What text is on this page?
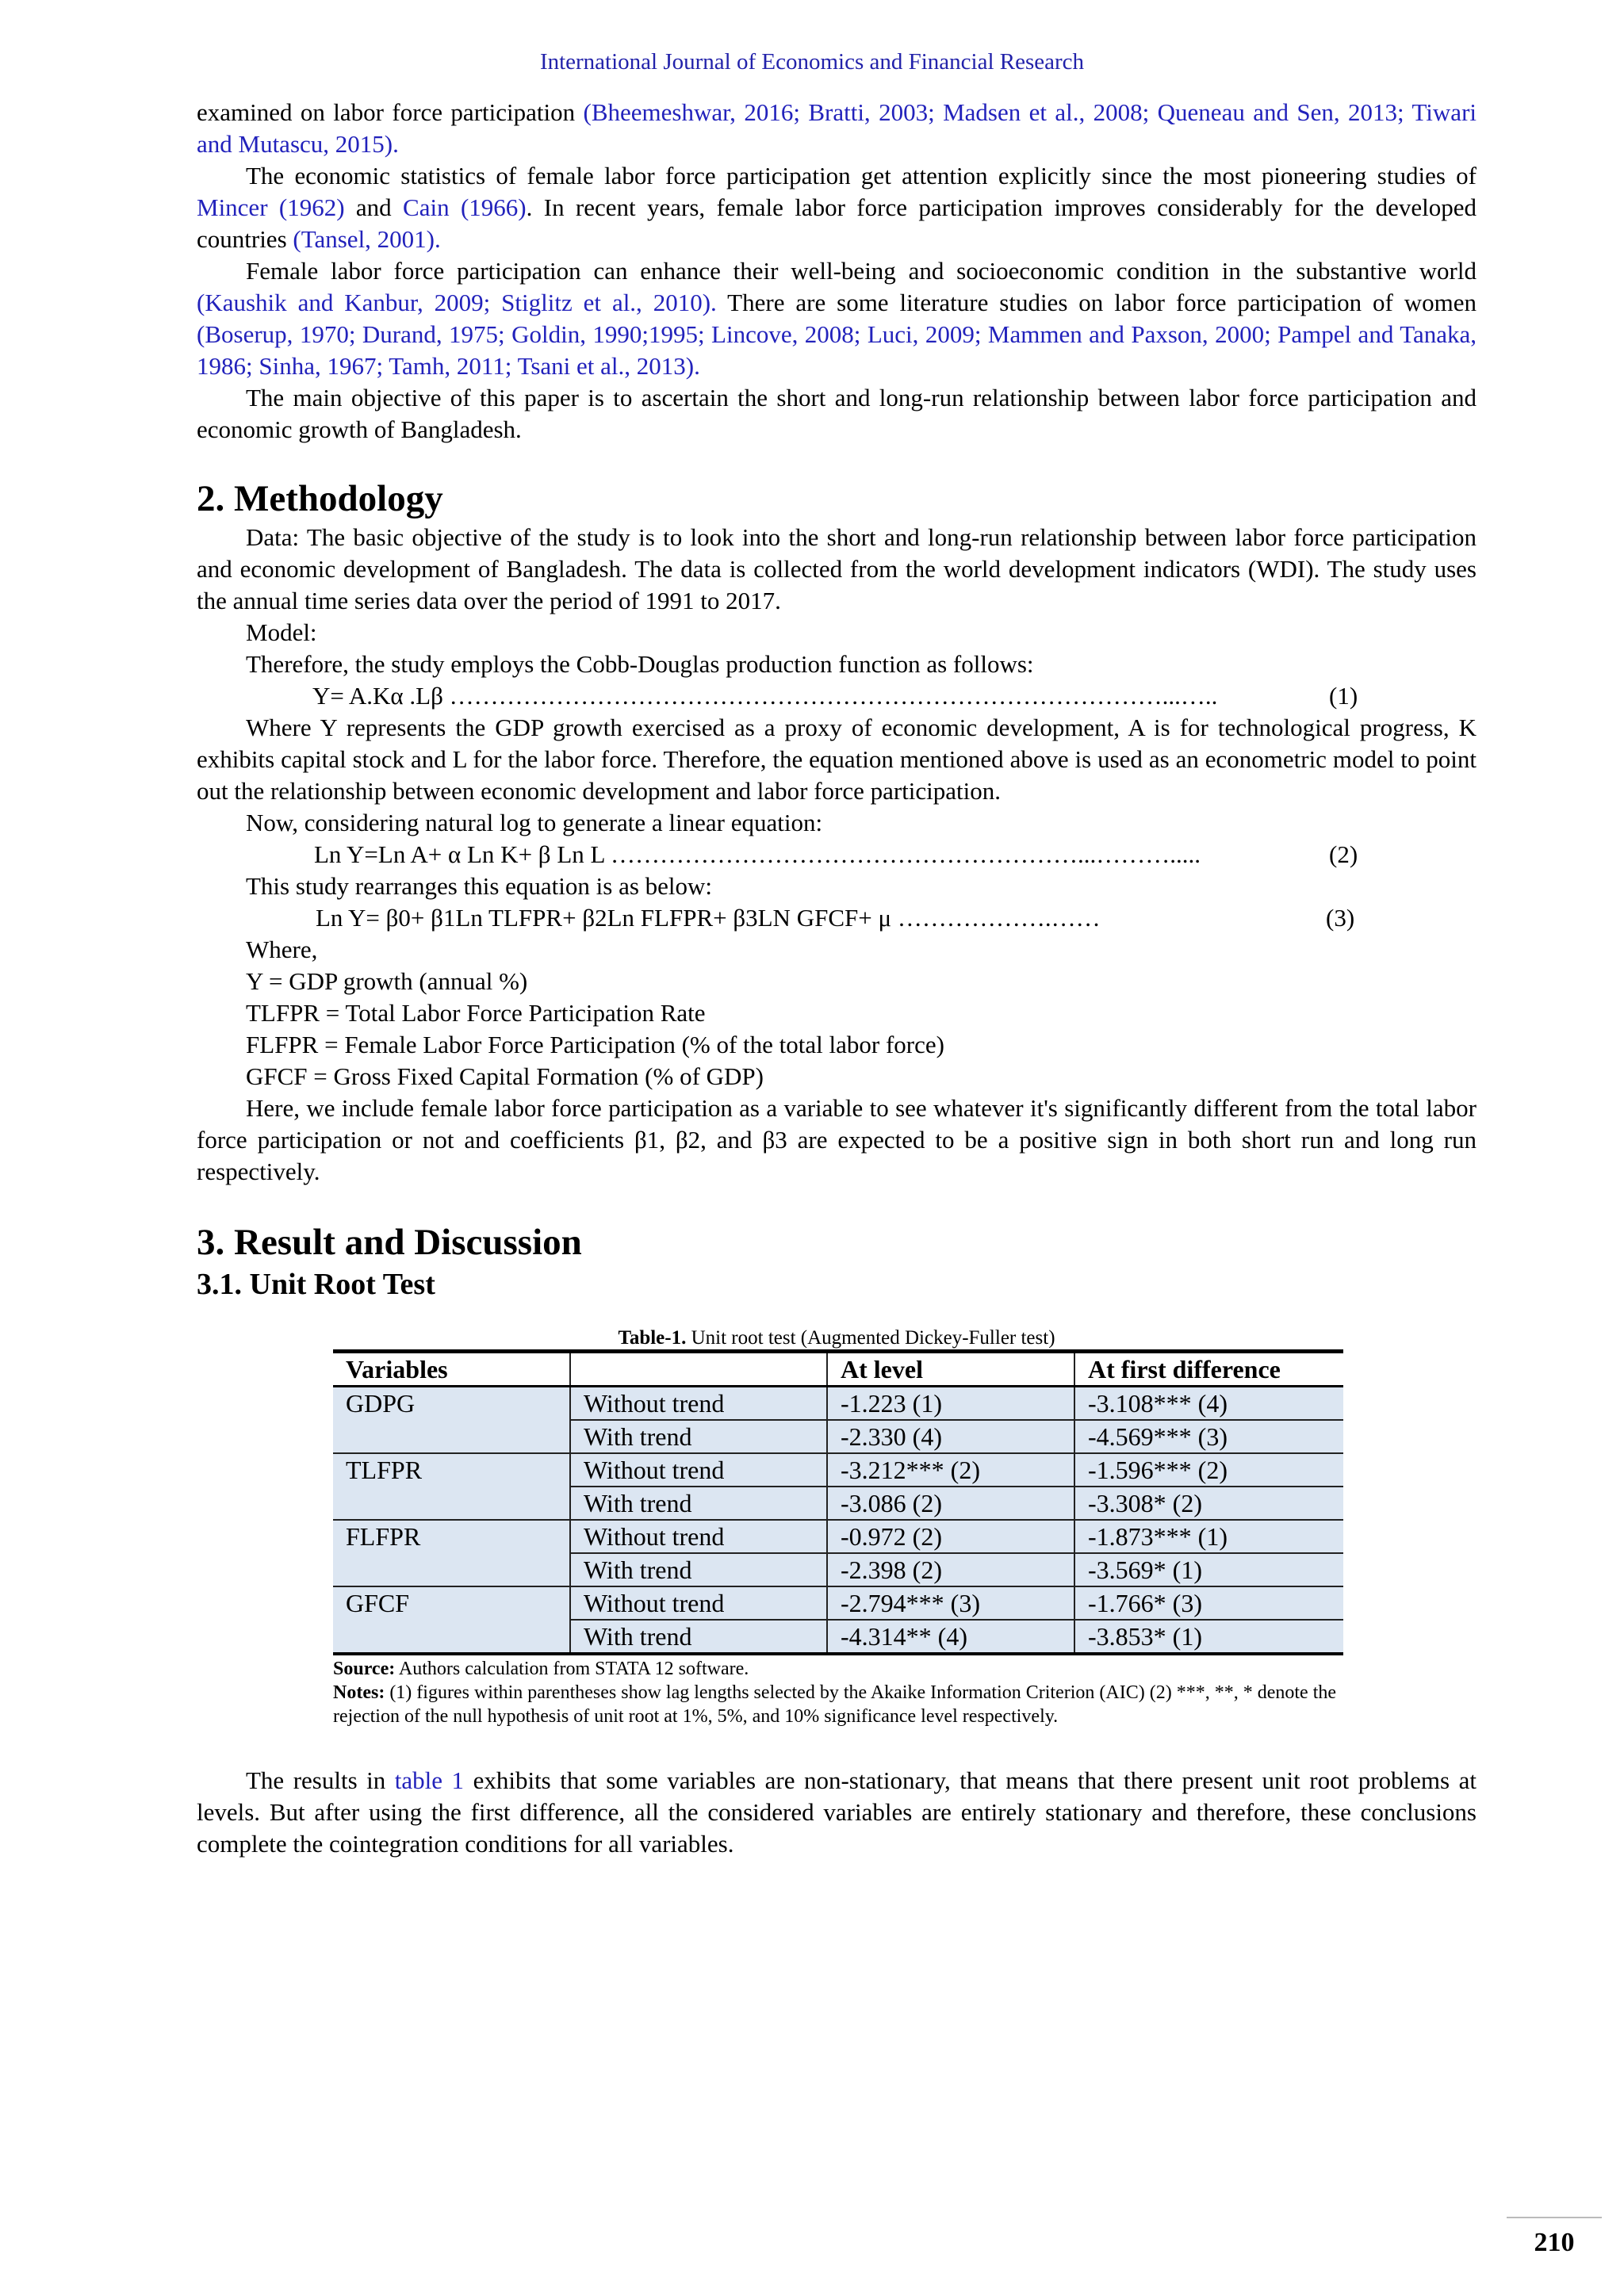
International Journal of Economics and Financial Research

examined on labor force participation (Bheemeshwar, 2016; Bratti, 2003; Madsen et al., 2008; Queneau and Sen, 2013; Tiwari and Mutascu, 2015).

The economic statistics of female labor force participation get attention explicitly since the most pioneering studies of Mincer (1962) and Cain (1966). In recent years, female labor force participation improves considerably for the developed countries (Tansel, 2001).

Female labor force participation can enhance their well-being and socioeconomic condition in the substantive world (Kaushik and Kanbur, 2009; Stiglitz et al., 2010). There are some literature studies on labor force participation of women (Boserup, 1970; Durand, 1975; Goldin, 1990;1995; Lincove, 2008; Luci, 2009; Mammen and Paxson, 2000; Pampel and Tanaka, 1986; Sinha, 1967; Tamh, 2011; Tsani et al., 2013).

The main objective of this paper is to ascertain the short and long-run relationship between labor force participation and economic growth of Bangladesh.

2. Methodology

Data: The basic objective of the study is to look into the short and long-run relationship between labor force participation and economic development of Bangladesh. The data is collected from the world development indicators (WDI). The study uses the annual time series data over the period of 1991 to 2017.

Model:
Therefore, the study employs the Cobb-Douglas production function as follows:
Y= A.Kα .Lβ ……………………………………………………………………………...…..	(1)

Where Y represents the GDP growth exercised as a proxy of economic development, A is for technological progress, K exhibits capital stock and L for the labor force. Therefore, the equation mentioned above is used as an econometric model to point out the relationship between economic development and labor force participation.

Now, considering natural log to generate a linear equation:
Ln Y=Ln A+ α Ln K+ β Ln L …………………………………………………...……….....	(2)
This study rearranges this equation is as below:
Ln Y= β0+ β1Ln TLFPR+ β2Ln FLFPR+ β3LN GFCF+ μ ……………….……	(3)
Where,
Y = GDP growth (annual %)
TLFPR = Total Labor Force Participation Rate
FLFPR = Female Labor Force Participation (% of the total labor force)
GFCF = Gross Fixed Capital Formation (% of GDP)

Here, we include female labor force participation as a variable to see whatever it's significantly different from the total labor force participation or not and coefficients β1, β2, and β3 are expected to be a positive sign in both short run and long run respectively.

3. Result and Discussion
3.1. Unit Root Test
Table-1. Unit root test (Augmented Dickey-Fuller test)
Variables		At level	At first difference
GDPG	Without trend	-1.223 (1)	-3.108*** (4)
	With trend	-2.330 (4)	-4.569*** (3)
TLFPR	Without trend	-3.212*** (2)	-1.596*** (2)
	With trend	-3.086 (2)	-3.308* (2)
FLFPR	Without trend	-0.972 (2)	-1.873*** (1)
	With trend	-2.398 (2)	-3.569* (1)
GFCF	Without trend	-2.794*** (3)	-1.766* (3)
	With trend	-4.314** (4)	-3.853* (1)
Source: Authors calculation from STATA 12 software.
Notes: (1) figures within parentheses show lag lengths selected by the Akaike Information Criterion (AIC) (2) ***, **, * denote the rejection of the null hypothesis of unit root at 1%, 5%, and 10% significance level respectively.

The results in table 1 exhibits that some variables are non-stationary, that means that there present unit root problems at levels. But after using the first difference, all the considered variables are entirely stationary and therefore, these conclusions complete the cointegration conditions for all variables.

210
